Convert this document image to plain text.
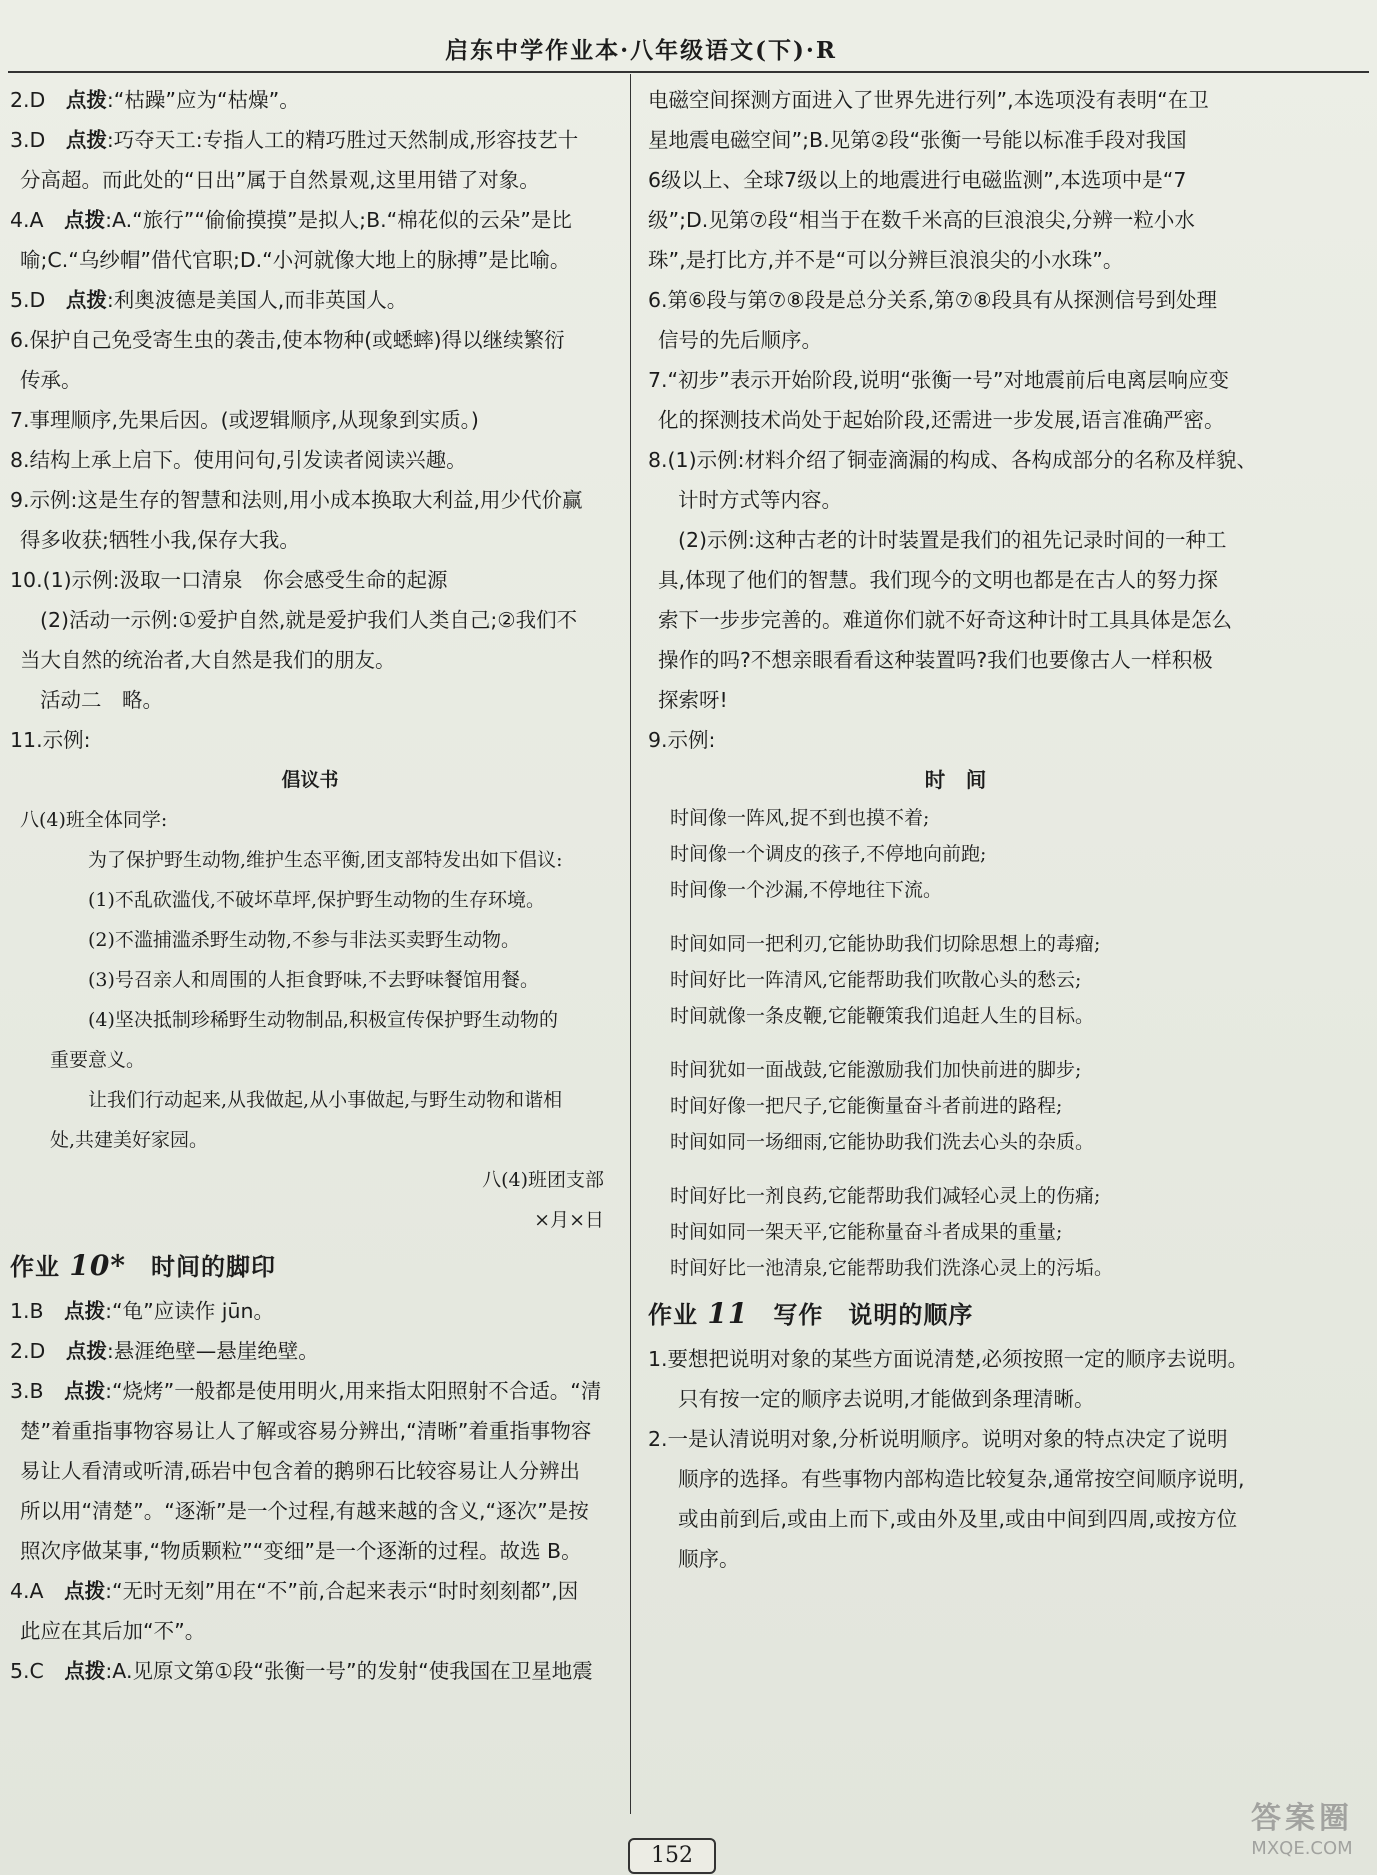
启东中学作业本·八年级语文(下)·R

2.D　 点拨:“枯躁”应为“枯燥”。

3.D　 点拨:巧夺天工:专指人工的精巧胜过天然制成,形容技艺十

分高超。而此处的“日出”属于自然景观,这里用错了对象。

4.A　 点拨:A.“旅行”“偷偷摸摸”是拟人;B.“棉花似的云朵”是比

喻;C.“乌纱帽”借代官职;D.“小河就像大地上的脉搏”是比喻。

5.D　 点拨:利奥波德是美国人,而非英国人。

6.保护自己免受寄生虫的袭击,使本物种(或蟋蟀)得以继续繁衍

传承。

7.事理顺序,先果后因。(或逻辑顺序,从现象到实质。)

8.结构上承上启下。使用问句,引发读者阅读兴趣。

9.示例:这是生存的智慧和法则,用小成本换取大利益,用少代价赢

得多收获;牺牲小我,保存大我。

10.(1)示例:汲取一口清泉　你会感受生命的起源

(2)活动一示例:①爱护自然,就是爱护我们人类自己;②我们不

当大自然的统治者,大自然是我们的朋友。

活动二　略。

11.示例:

倡议书

八(4)班全体同学:

为了保护野生动物,维护生态平衡,团支部特发出如下倡议:

(1)不乱砍滥伐,不破坏草坪,保护野生动物的生存环境。

(2)不滥捕滥杀野生动物,不参与非法买卖野生动物。

(3)号召亲人和周围的人拒食野味,不去野味餐馆用餐。

(4)坚决抵制珍稀野生动物制品,积极宣传保护野生动物的

重要意义。

让我们行动起来,从我做起,从小事做起,与野生动物和谐相

处,共建美好家园。

八(4)班团支部

×月×日

作业 10*　 时间的脚印

1.B　 点拨:“龟”应读作 jūn。

2.D　 点拨:悬涯绝壁—悬崖绝壁。

3.B　 点拨:“烧烤”一般都是使用明火,用来指太阳照射不合适。“清

楚”着重指事物容易让人了解或容易分辨出,“清晰”着重指事物容

易让人看清或听清,砾岩中包含着的鹅卵石比较容易让人分辨出

所以用“清楚”。“逐渐”是一个过程,有越来越的含义,“逐次”是按

照次序做某事,“物质颗粒”“变细”是一个逐渐的过程。故选 B。

4.A　 点拨:“无时无刻”用在“不”前,合起来表示“时时刻刻都”,因

此应在其后加“不”。

5.C　 点拨:A.见原文第①段“张衡一号”的发射“使我国在卫星地震

电磁空间探测方面进入了世界先进行列”,本选项没有表明“在卫

星地震电磁空间”;B.见第②段“张衡一号能以标准手段对我国

6级以上、全球7级以上的地震进行电磁监测”,本选项中是“7

级”;D.见第⑦段“相当于在数千米高的巨浪浪尖,分辨一粒小水

珠”,是打比方,并不是“可以分辨巨浪浪尖的小水珠”。

6.第⑥段与第⑦⑧段是总分关系,第⑦⑧段具有从探测信号到处理

信号的先后顺序。

7.“初步”表示开始阶段,说明“张衡一号”对地震前后电离层响应变

化的探测技术尚处于起始阶段,还需进一步发展,语言准确严密。

8.(1)示例:材料介绍了铜壶滴漏的构成、各构成部分的名称及样貌、

计时方式等内容。

(2)示例:这种古老的计时装置是我们的祖先记录时间的一种工

具,体现了他们的智慧。我们现今的文明也都是在古人的努力探

索下一步步完善的。难道你们就不好奇这种计时工具具体是怎么

操作的吗?不想亲眼看看这种装置吗?我们也要像古人一样积极

探索呀!

9.示例:

时　间

时间像一阵风,捉不到也摸不着;

时间像一个调皮的孩子,不停地向前跑;

时间像一个沙漏,不停地往下流。

时间如同一把利刃,它能协助我们切除思想上的毒瘤;

时间好比一阵清风,它能帮助我们吹散心头的愁云;

时间就像一条皮鞭,它能鞭策我们追赶人生的目标。

时间犹如一面战鼓,它能激励我们加快前进的脚步;

时间好像一把尺子,它能衡量奋斗者前进的路程;

时间如同一场细雨,它能协助我们洗去心头的杂质。

时间好比一剂良药,它能帮助我们减轻心灵上的伤痛;

时间如同一架天平,它能称量奋斗者成果的重量;

时间好比一池清泉,它能帮助我们洗涤心灵上的污垢。

作业 11　 写作　说明的顺序

1.要想把说明对象的某些方面说清楚,必须按照一定的顺序去说明。

只有按一定的顺序去说明,才能做到条理清晰。

2.一是认清说明对象,分析说明顺序。说明对象的特点决定了说明

顺序的选择。有些事物内部构造比较复杂,通常按空间顺序说明,

或由前到后,或由上而下,或由外及里,或由中间到四周,或按方位

顺序。

152
答案圈
MXQE.COM
